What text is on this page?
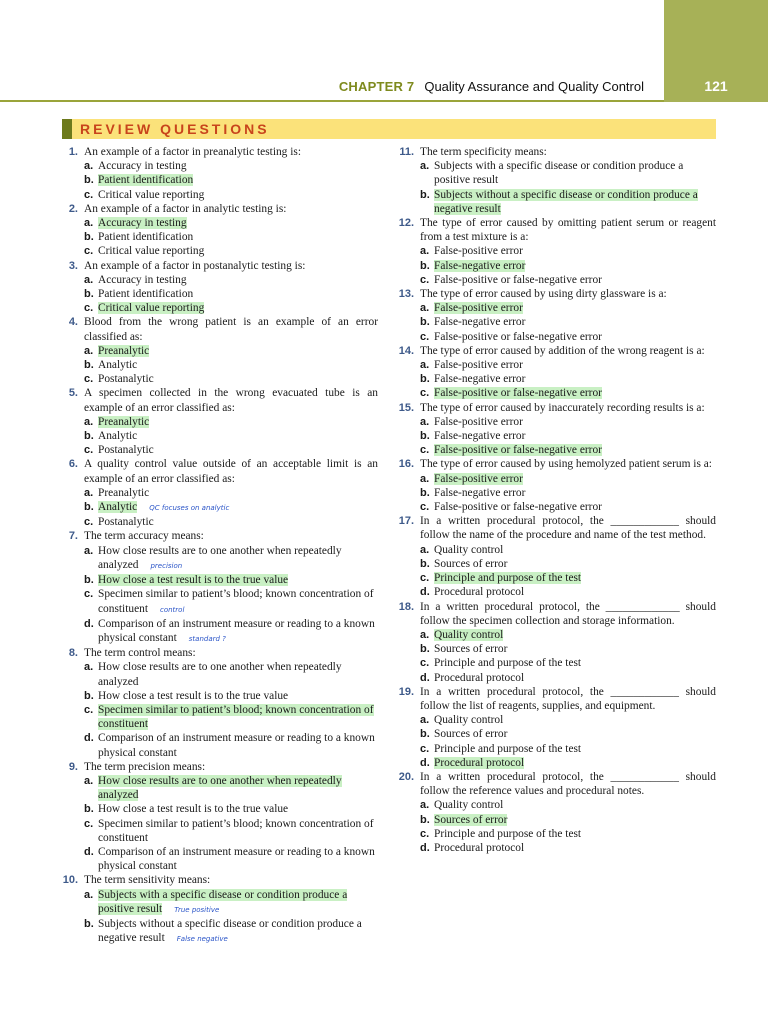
CHAPTER 7 Quality Assurance and Quality Control	121
REVIEW QUESTIONS
1. An example of a factor in preanalytic testing is:
a. Accuracy in testing
b. Patient identification
c. Critical value reporting
2. An example of a factor in analytic testing is:
a. Accuracy in testing
b. Patient identification
c. Critical value reporting
3. An example of a factor in postanalytic testing is:
a. Accuracy in testing
b. Patient identification
c. Critical value reporting
4. Blood from the wrong patient is an example of an error classified as:
a. Preanalytic
b. Analytic
c. Postanalytic
5. A specimen collected in the wrong evacuated tube is an example of an error classified as:
a. Preanalytic
b. Analytic
c. Postanalytic
6. A quality control value outside of an acceptable limit is an example of an error classified as:
a. Preanalytic
b. Analytic QC focuses on analytic
c. Postanalytic
7. The term accuracy means:
a. How close results are to one another when repeatedly analyzed precision
b. How close a test result is to the true value
c. Specimen similar to patient’s blood; known concentration of constituent control
d. Comparison of an instrument measure or reading to a known physical constant standard ?
8. The term control means:
a. How close results are to one another when repeatedly analyzed
b. How close a test result is to the true value
c. Specimen similar to patient’s blood; known concentration of constituent
d. Comparison of an instrument measure or reading to a known physical constant
9. The term precision means:
a. How close results are to one another when repeatedly analyzed
b. How close a test result is to the true value
c. Specimen similar to patient’s blood; known concentration of constituent
d. Comparison of an instrument measure or reading to a known physical constant
10. The term sensitivity means:
a. Subjects with a specific disease or condition produce a positive result True positive
b. Subjects without a specific disease or condition produce a negative result False negative
11. The term specificity means:
a. Subjects with a specific disease or condition produce a positive result
b. Subjects without a specific disease or condition produce a negative result
12. The type of error caused by omitting patient serum or reagent from a test mixture is a:
a. False-positive error
b. False-negative error
c. False-positive or false-negative error
13. The type of error caused by using dirty glassware is a:
a. False-positive error
b. False-negative error
c. False-positive or false-negative error
14. The type of error caused by addition of the wrong reagent is a:
a. False-positive error
b. False-negative error
c. False-positive or false-negative error
15. The type of error caused by inaccurately recording results is a:
a. False-positive error
b. False-negative error
c. False-positive or false-negative error
16. The type of error caused by using hemolyzed patient serum is a:
a. False-positive error
b. False-negative error
c. False-positive or false-negative error
17. In a written procedural protocol, the ____________ should follow the name of the procedure and name of the test method.
a. Quality control
b. Sources of error
c. Principle and purpose of the test
d. Procedural protocol
18. In a written procedural protocol, the _____________ should follow the specimen collection and storage information.
a. Quality control
b. Sources of error
c. Principle and purpose of the test
d. Procedural protocol
19. In a written procedural protocol, the ____________ should follow the list of reagents, supplies, and equipment.
a. Quality control
b. Sources of error
c. Principle and purpose of the test
d. Procedural protocol
20. In a written procedural protocol, the ____________ should follow the reference values and procedural notes.
a. Quality control
b. Sources of error
c. Principle and purpose of the test
d. Procedural protocol
